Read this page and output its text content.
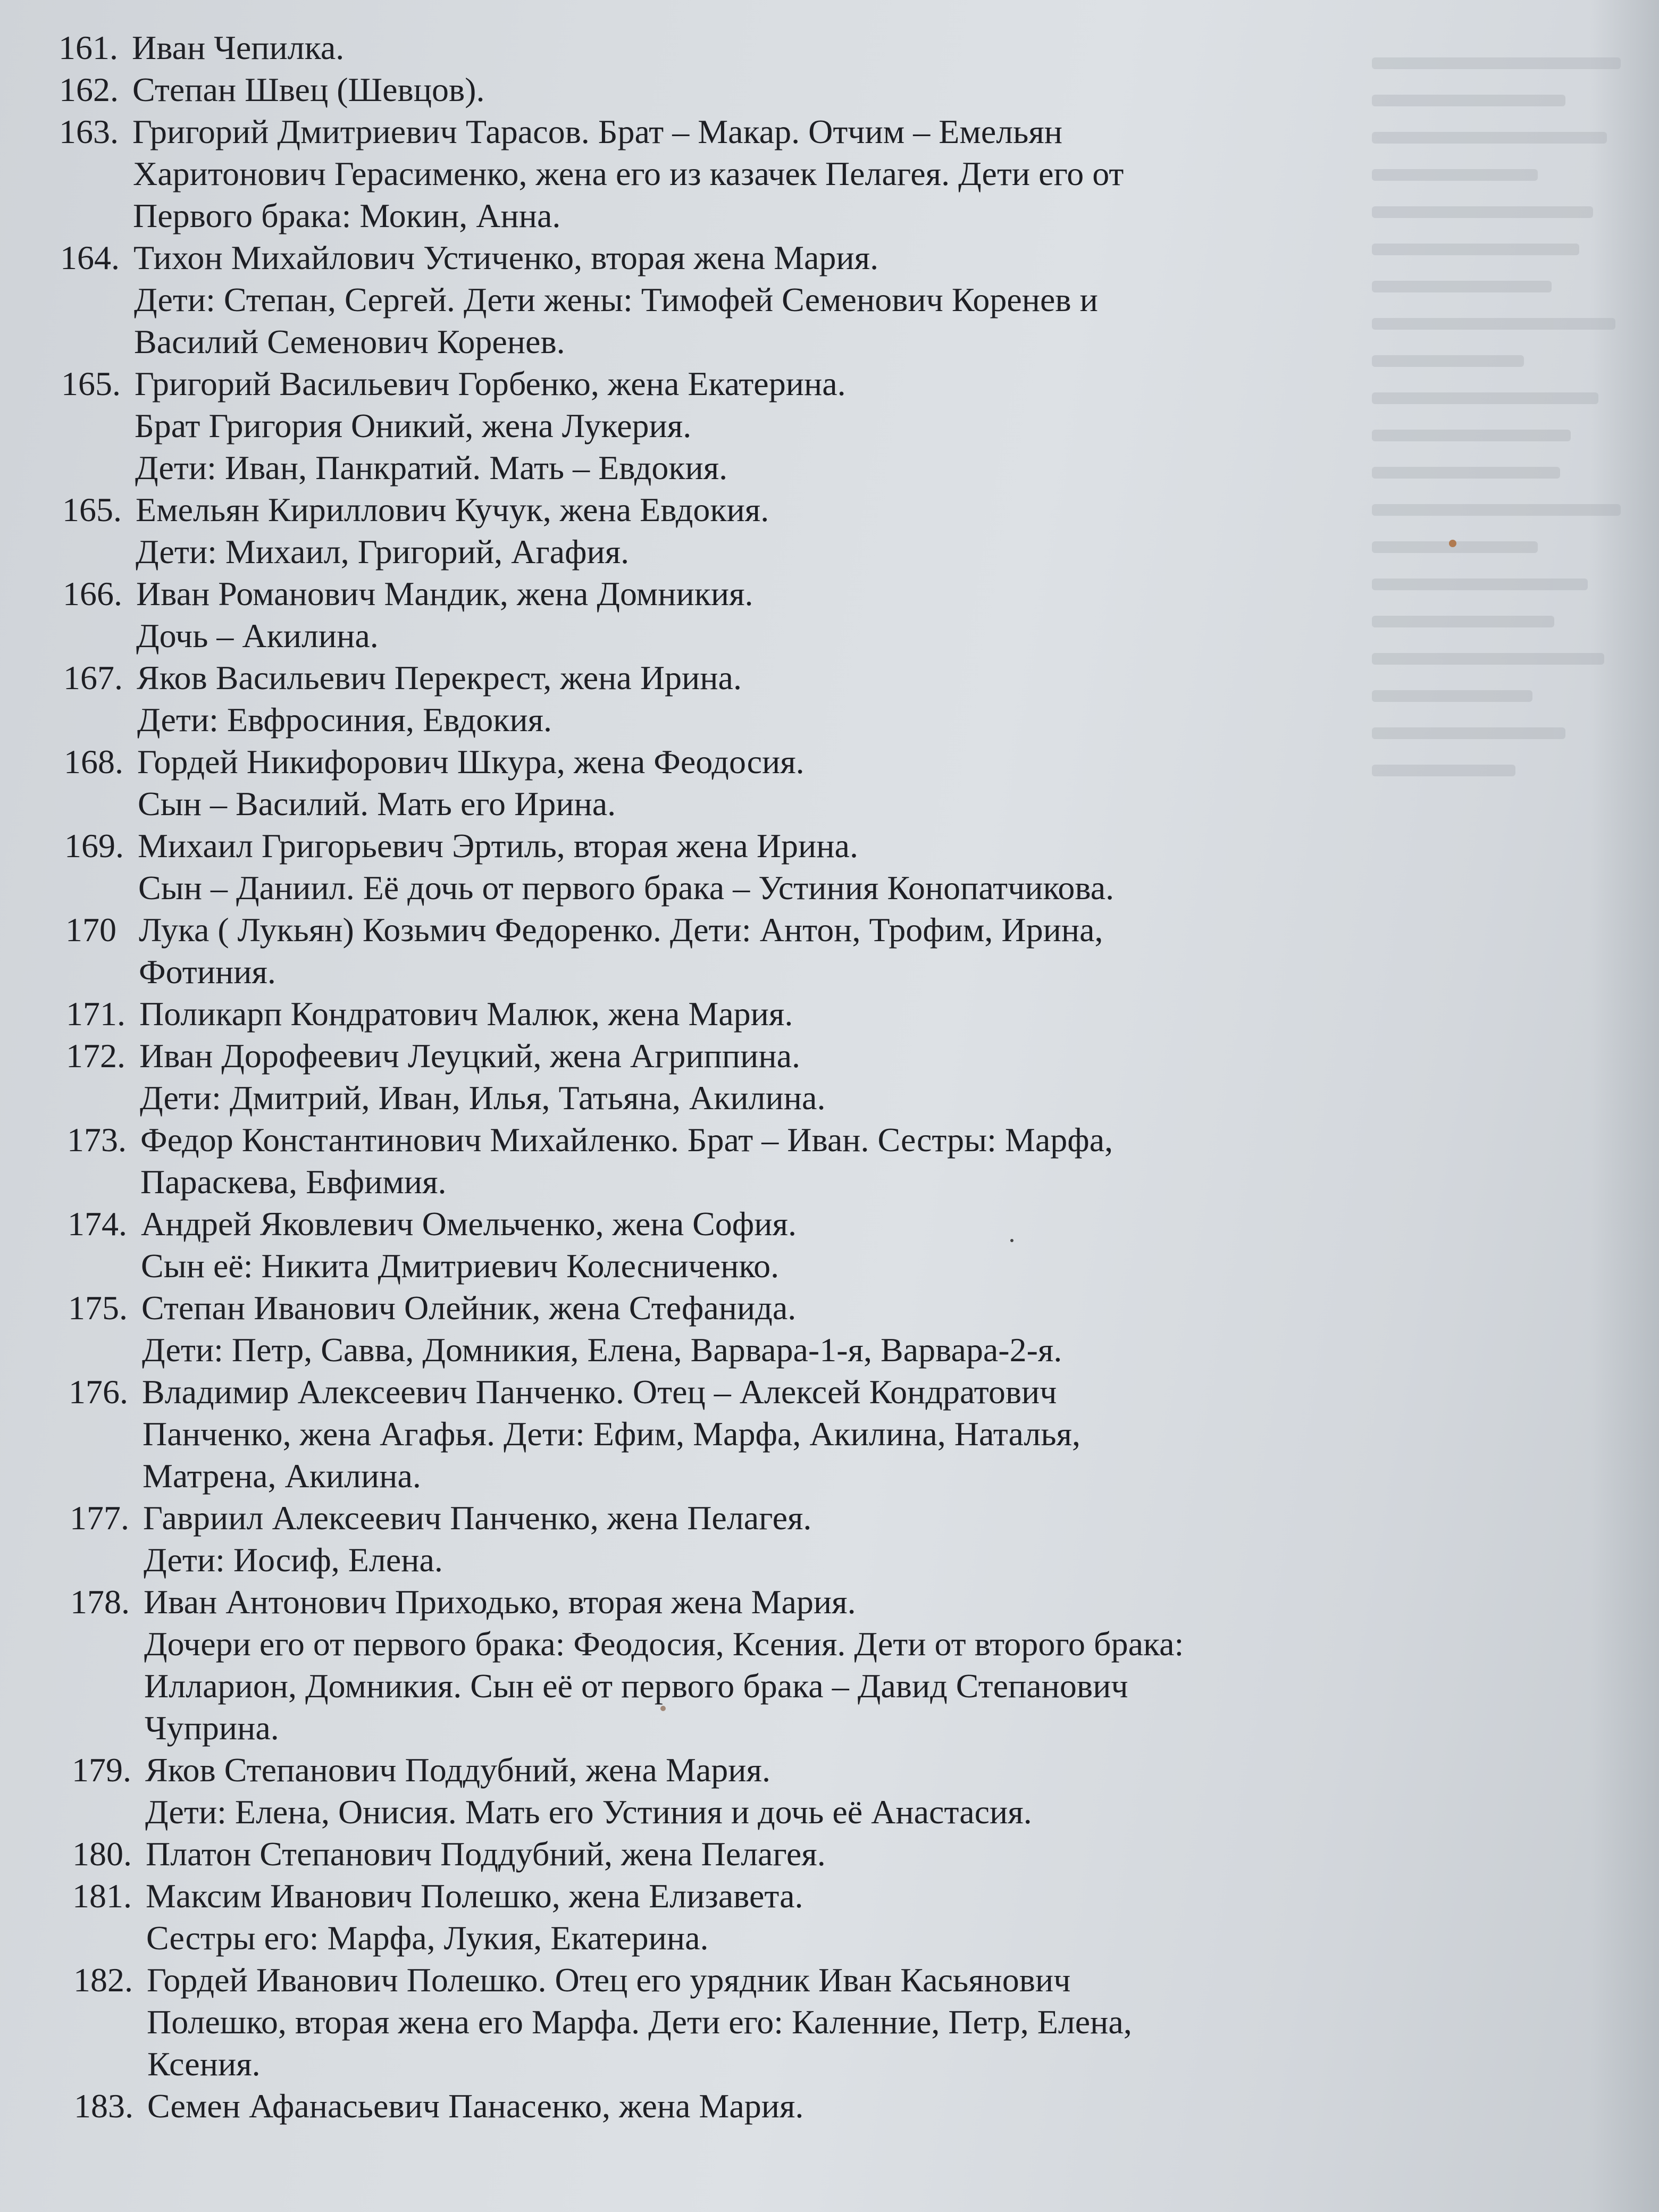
161. Иван Чепилка.
162. Степан Швец (Шевцов).
163. Григорий Дмитриевич Тарасов. Брат – Макар. Отчим – Емельян
Харитонович Герасименко, жена его из казачек Пелагея. Дети его от
Первого брака: Мокин, Анна.
164. Тихон Михайлович Устиченко, вторая жена Мария.
Дети: Степан, Сергей. Дети жены: Тимофей Семенович Коренев и
Василий Семенович Коренев.
165. Григорий Васильевич Горбенко, жена Екатерина.
Брат Григория Оникий, жена Лукерия.
Дети: Иван, Панкратий. Мать – Евдокия.
165. Емельян Кириллович Кучук, жена Евдокия.
Дети: Михаил, Григорий, Агафия.
166. Иван Романович Мандик, жена Домникия.
Дочь – Акилина.
167. Яков Васильевич Перекрест, жена Ирина.
Дети: Евфросиния, Евдокия.
168. Гордей Никифорович Шкура, жена Феодосия.
Сын – Василий. Мать его Ирина.
169. Михаил Григорьевич Эртиль, вторая жена Ирина.
Сын – Даниил. Её дочь от первого брака – Устиния Конопатчикова.
170 Лука ( Лукьян) Козьмич Федоренко. Дети: Антон, Трофим, Ирина,
Фотиния.
171. Поликарп Кондратович Малюк, жена Мария.
172. Иван Дорофеевич Леуцкий, жена Агриппина.
Дети: Дмитрий, Иван, Илья, Татьяна, Акилина.
173. Федор Константинович Михайленко. Брат – Иван. Сестры: Марфа,
Параскева, Евфимия.
174. Андрей Яковлевич Омельченко, жена София.
Сын её: Никита Дмитриевич Колесниченко.
175. Степан Иванович Олейник, жена Стефанида.
Дети: Петр, Савва, Домникия, Елена, Варвара-1-я, Варвара-2-я.
176. Владимир Алексеевич Панченко. Отец – Алексей Кондратович
Панченко, жена Агафья. Дети: Ефим, Марфа, Акилина, Наталья,
Матрена, Акилина.
177. Гавриил Алексеевич Панченко, жена Пелагея.
Дети: Иосиф, Елена.
178. Иван Антонович Приходько, вторая жена Мария.
Дочери его от первого брака: Феодосия, Ксения. Дети от второго брака:
Илларион, Домникия. Сын её от первого брака – Давид Степанович
Чуприна.
179. Яков Степанович Поддубний, жена Мария.
Дети: Елена, Онисия. Мать его Устиния и дочь её Анастасия.
180. Платон Степанович Поддубний, жена Пелагея.
181. Максим Иванович Полешко, жена Елизавета.
Сестры его: Марфа, Лукия, Екатерина.
182. Гордей Иванович Полешко. Отец его урядник Иван Касьянович
Полешко, вторая жена его Марфа. Дети его: Каленние, Петр, Елена,
Ксения.
183. Семен Афанасьевич Панасенко, жена Мария.
